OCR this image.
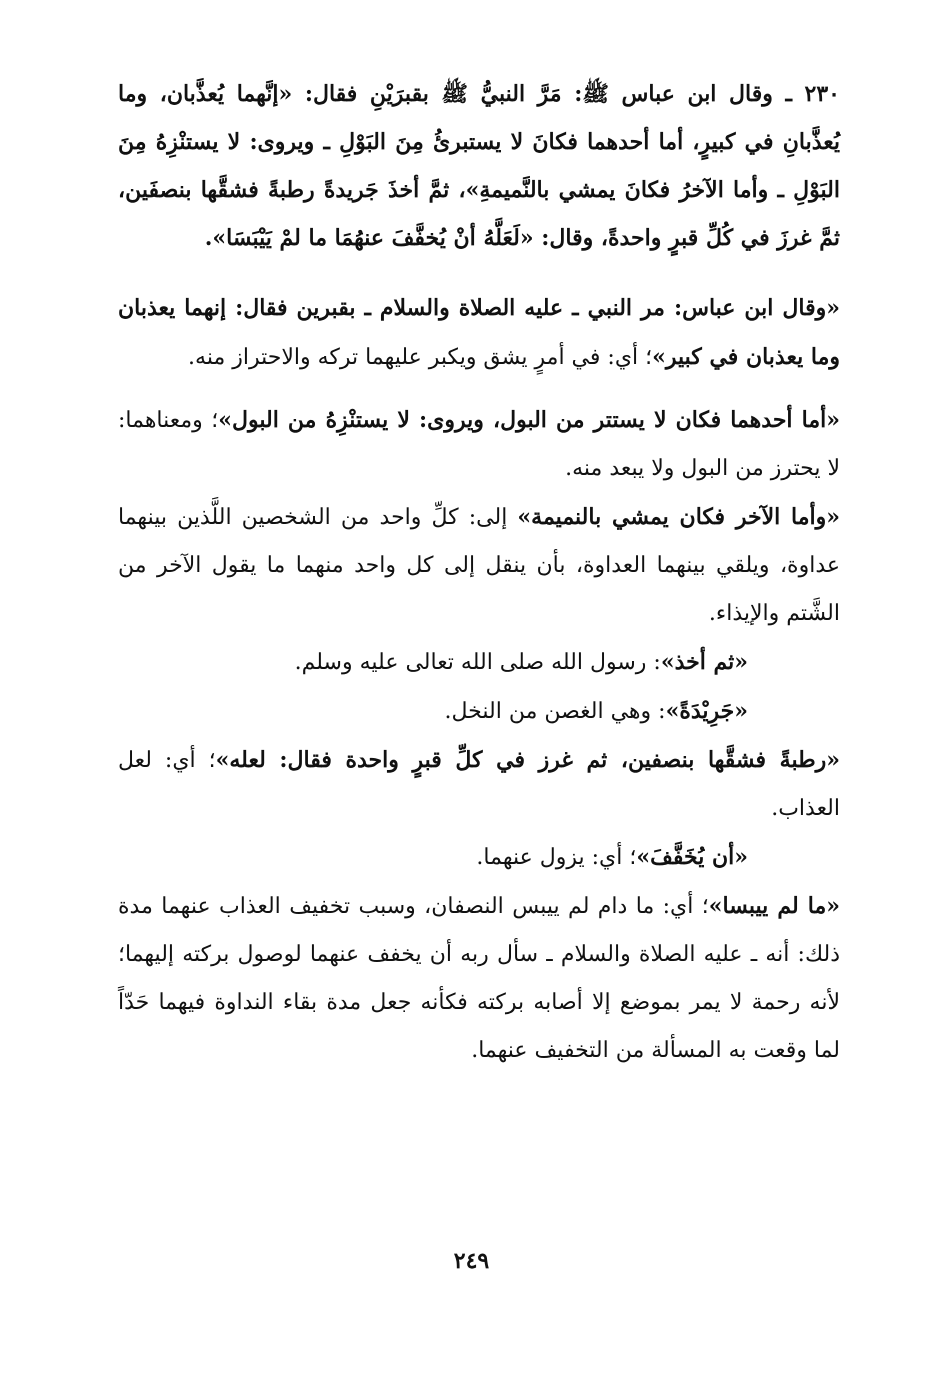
٢٣٠ ـ وقال ابن عباس ﷺ: مَرَّ النبيُّ ﷺ بقبرَيْنِ فقال: «إنَّهما يُعذَّبان، وما يُعذَّبانِ في كبيرٍ، أما أحدهما فكانَ لا يستبرئُ مِنَ البَوْلِ ـ ويروى: لا يستنْزِهُ مِنَ البَوْلِ ـ وأما الآخرُ فكانَ يمشي بالنَّميمةِ»، ثمَّ أخذَ جَريدةً رطبةً فشقَّها بنصفَين، ثمَّ غرزَ في كُلِّ قبرٍ واحدةً، وقال: «لَعَلَّهُ أنْ يُخفَّفَ عنهُمَا ما لمْ يَيْبَسَا».

«وقال ابن عباس: مر النبي ـ عليه الصلاة والسلام ـ بقبرين فقال: إنهما يعذبان وما يعذبان في كبير»؛ أي: في أمرٍ يشق ويكبر عليهما تركه والاحتراز منه.

«أما أحدهما فكان لا يستتر من البول، ويروى: لا يستنْزِهُ من البول»؛ ومعناهما: لا يحترز من البول ولا يبعد منه.

«وأما الآخر فكان يمشي بالنميمة» إلى: كلِّ واحد من الشخصين اللَّذين بينهما عداوة، ويلقي بينهما العداوة، بأن ينقل إلى كل واحد منهما ما يقول الآخر من الشَّتم والإيذاء.

«ثم أخذ»: رسول الله صلى الله تعالى عليه وسلم.

«جَرِيْدَةً»: وهي الغصن من النخل.

«رطبةً فشقَّها بنصفين، ثم غرز في كلِّ قبرٍ واحدة فقال: لعله»؛ أي: لعل العذاب.

«أن يُخَفَّفَ»؛ أي: يزول عنهما.

«ما لم ييبسا»؛ أي: ما دام لم ييبس النصفان، وسبب تخفيف العذاب عنهما مدة ذلك: أنه ـ عليه الصلاة والسلام ـ سأل ربه أن يخفف عنهما لوصول بركته إليهما؛ لأنه رحمة لا يمر بموضع إلا أصابه بركته فكأنه جعل مدة بقاء النداوة فيهما حَدّاً لما وقعت به المسألة من التخفيف عنهما.

٢٤٩
